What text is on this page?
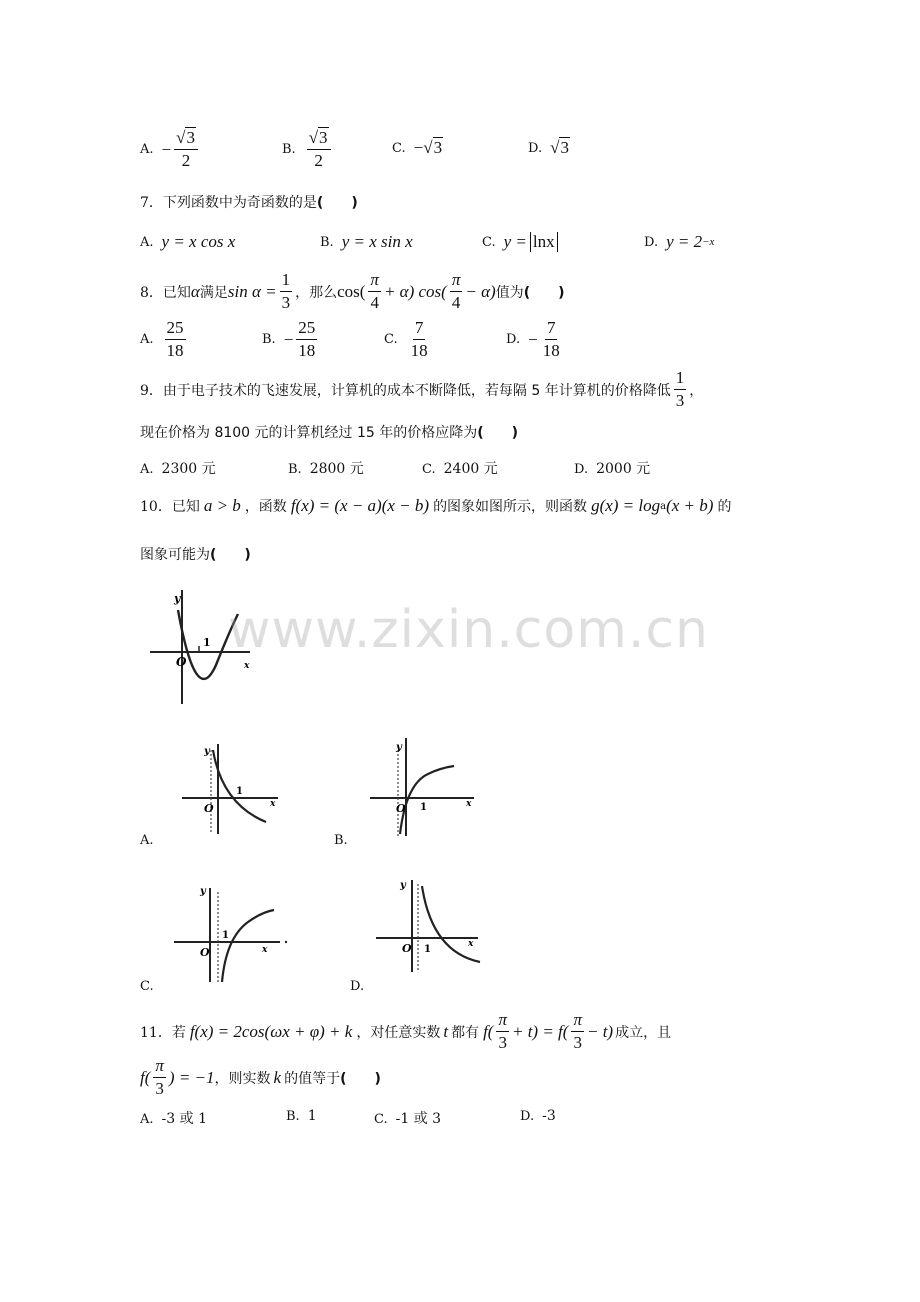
A. − $\frac{√3}{2}$	B. $\frac{√3}{2}$	C. − √3	D. √3
7．下列函数中为奇函数的是(　　)
A. y = x cos x	B. y = x sin x	C. y = lnx	D. y = 2 −x
8． 已知 α 满足 $\sin \alpha = \frac{1}{3}$ ，那么 $\cos( \frac{\pi}{4} + \alpha)$ $\cos( \frac{\pi}{4} - \alpha)$ 值为 (　　)
A. $\frac{25}{18}$	B. − $\frac{25}{18}$	C. $\frac{7}{18}$	D. − $\frac{7}{18}$
9． 由于电子技术的飞速发展，计算机的成本不断降低，若每隔 5 年计算机的价格降低 $\frac{1}{3}$ ，
现在价格为 8100 元的计算机经过 15 年的价格应降为(　　)
A. 2300 元	B. 2800 元	C. 2400 元	D. 2000 元
10． 已知 a > b ，函数 f(x) = (x − a)(x − b) 的图象如图所示，则函数 g(x) = log a (x + b) 的
图象可能为(　　)
y
O
1
x
y
O
1
x
A.
y
O 1	x
B.
y
O
1
x
C.
y
O 1	x
D.
11． 若 f(x) = 2cos(ωx + φ) + k ，对任意实数 t 都有 $f( \frac{\pi}{3} + t) = f( \frac{\pi}{3} - t)$ 成立，且
$f( \frac{\pi}{3}$ ) = −1 ，则实数 k 的值等于 (　　)
A. -3 或 1	B. 1	C. -1 或 3	D. -3
www.zixin.com.cn
